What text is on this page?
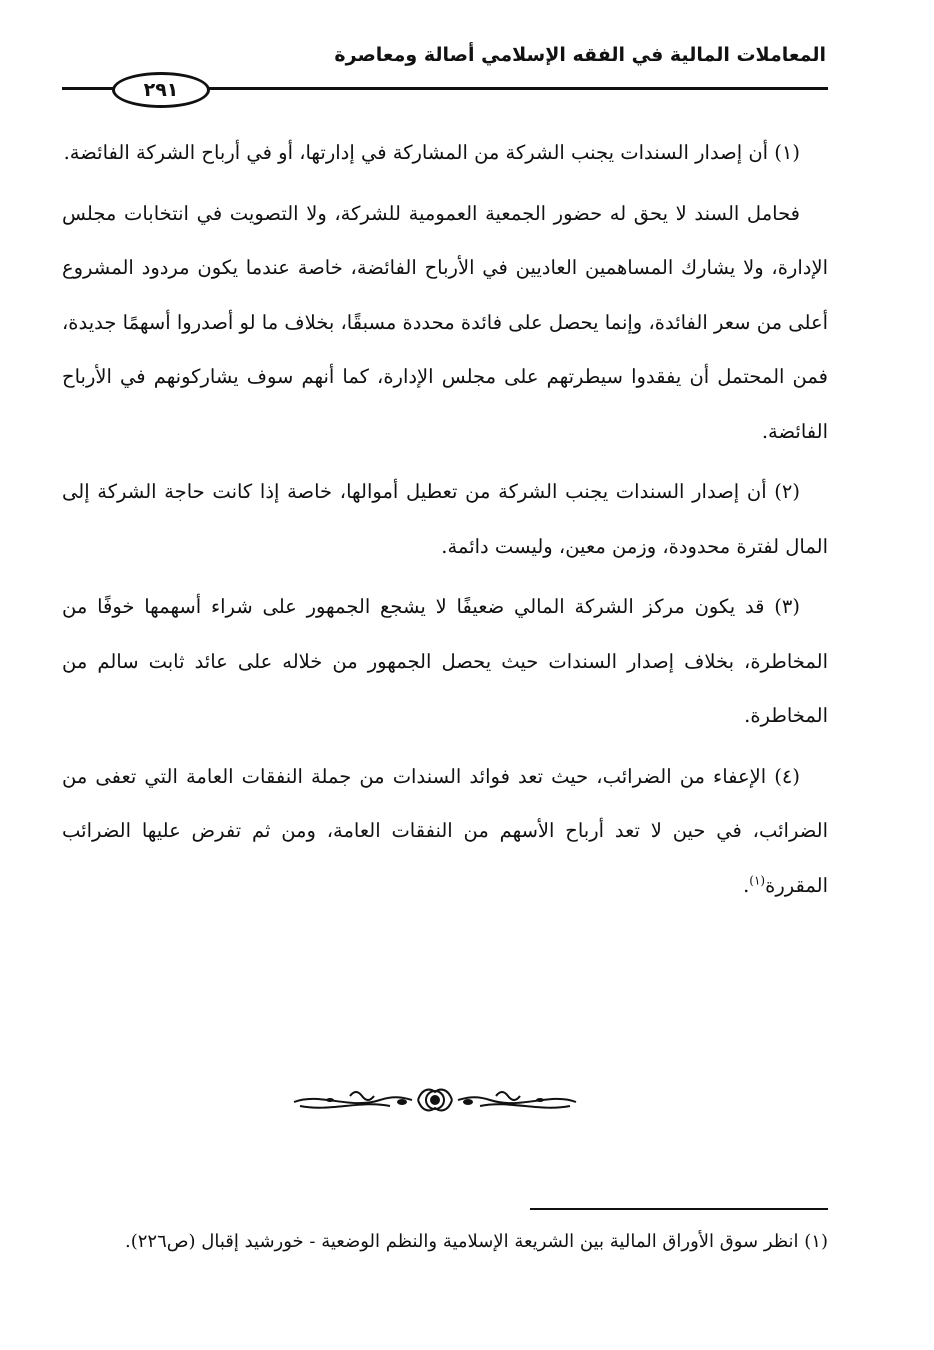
المعاملات المالية في الفقه الإسلامي أصالة ومعاصرة
٢٩١

(١) أن إصدار السندات يجنب الشركة من المشاركة في إدارتها، أو في أرباح الشركة الفائضة.

فحامل السند لا يحق له حضور الجمعية العمومية للشركة، ولا التصويت في انتخابات مجلس الإدارة، ولا يشارك المساهمين العاديين في الأرباح الفائضة، خاصة عندما يكون مردود المشروع أعلى من سعر الفائدة، وإنما يحصل على فائدة محددة مسبقًا، بخلاف ما لو أصدروا أسهمًا جديدة، فمن المحتمل أن يفقدوا سيطرتهم على مجلس الإدارة، كما أنهم سوف يشاركونهم في الأرباح الفائضة.

(٢) أن إصدار السندات يجنب الشركة من تعطيل أموالها، خاصة إذا كانت حاجة الشركة إلى المال لفترة محدودة، وزمن معين، وليست دائمة.

(٣) قد يكون مركز الشركة المالي ضعيفًا لا يشجع الجمهور على شراء أسهمها خوفًا من المخاطرة، بخلاف إصدار السندات حيث يحصل الجمهور من خلاله على عائد ثابت سالم من المخاطرة.

(٤) الإعفاء من الضرائب، حيث تعد فوائد السندات من جملة النفقات العامة التي تعفى من الضرائب، في حين لا تعد أرباح الأسهم من النفقات العامة، ومن ثم تفرض عليها الضرائب المقررة$^{(١)}$.

(١) انظر سوق الأوراق المالية بين الشريعة الإسلامية والنظم الوضعية - خورشيد إقبال (ص٢٢٦).
